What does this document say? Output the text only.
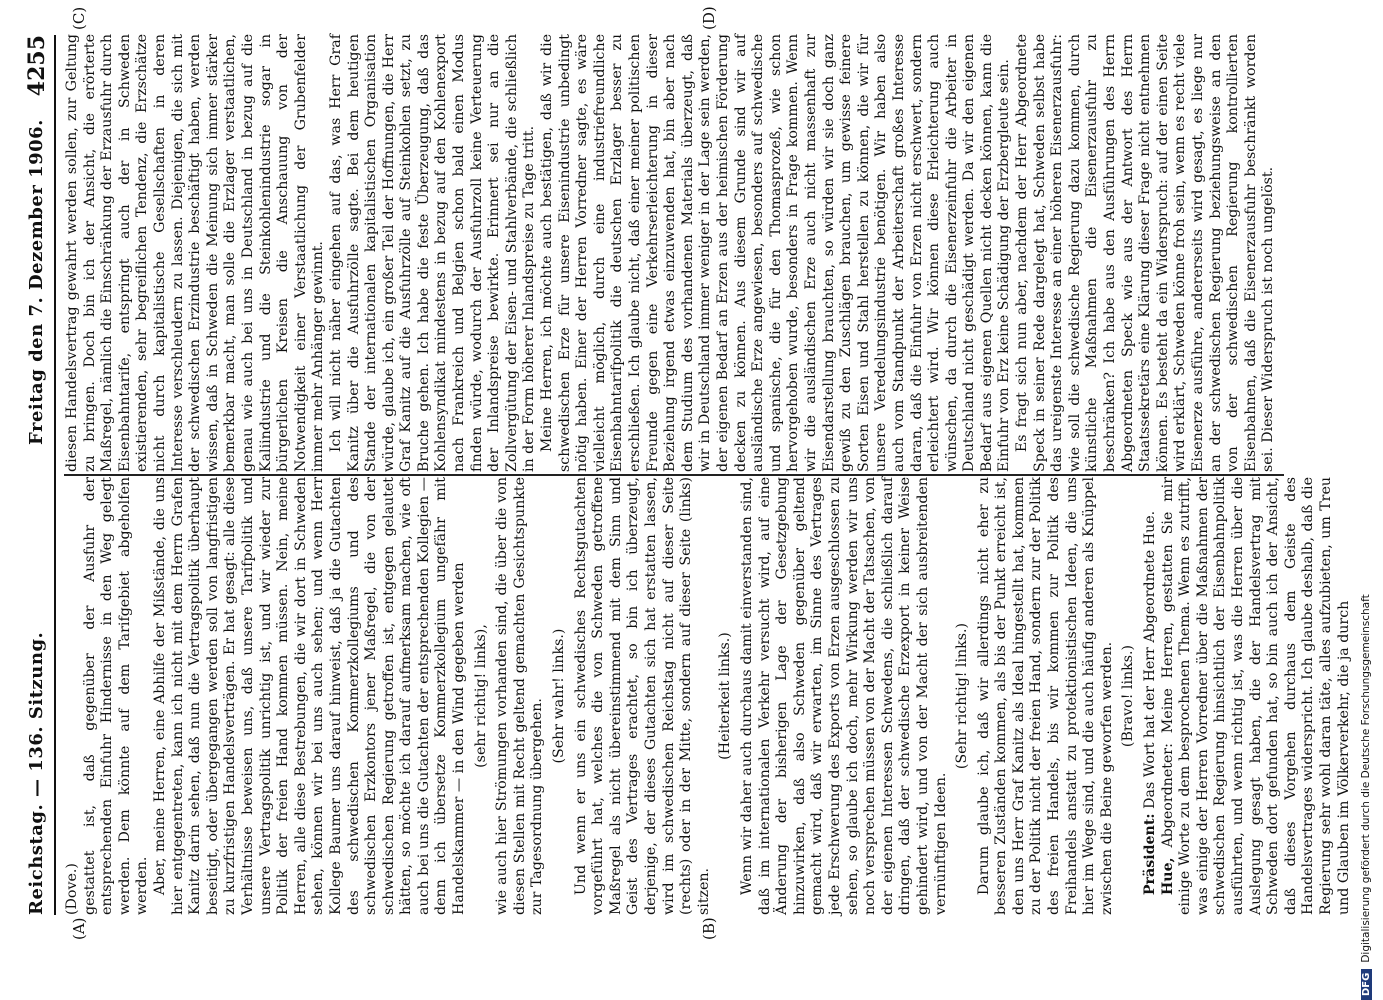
Reichstag. — 136. Sitzung.
Freitag den 7. Dezember 1906.
4255
(A)	(B)
(C)	(D)

(Dove.) gestattet ist, daß gegenüber der Ausfuhr der entsprechenden Einfuhr Hindernisse in den Weg gelegt werden. Dem könnte auf dem Tarifgebiet abgeholfen werden. Aber, meine Herren, eine Abhilfe der Mißstände, die uns hier entgegentreten, kann ich nicht mit dem Herrn Grafen Kanitz darin sehen, daß nun die Vertragspolitik überhaupt beseitigt, oder übergegangen werden soll von langfristigen zu kurzfristigen Handelsverträgen. Er hat gesagt: alle diese Verhältnisse beweisen uns, daß unsere Tarifpolitik und unsere Vertragspolitik unrichtig ist, und wir wieder zur Politik der freien Hand kommen müssen. Nein, meine Herren, alle diese Bestrebungen, die wir dort in Schweden sehen, können wir bei uns auch sehen; und wenn Herr Kollege Baumer uns darauf hinweist, daß ja die Gutachten des schwedischen Kommerzkollegiums und des schwedischen Erzkontors jener Maßregel, die von der schwedischen Regierung getroffen ist, entgegen gelautet hätten, so möchte ich darauf aufmerksam machen, wie oft auch bei uns die Gutachten der entsprechenden Kollegien — denn ich übersetze Kommerzkollegium ungefähr mit Handelskammer — in den Wind gegeben werden (sehr richtig! links), wie auch hier Strömungen vorhanden sind, die über die von diesen Stellen mit Recht geltend gemachten Gesichtspunkte zur Tagesordnung übergehen.

(Sehr wahr! links.) Und wenn er uns ein schwedisches Rechtsgutachten vorgeführt hat, welches die von Schweden getroffene Maßregel als nicht übereinstimmend mit dem Sinn und Geist des Vertrages erachtet, so bin ich überzeugt, derjenige, der dieses Gutachten sich hat erstatten lassen, wird im schwedischen Reichstag nicht auf dieser Seite (rechts) oder in der Mitte, sondern auf dieser Seite (links) sitzen.

(Heiterkeit links.) Wenn wir daher auch durchaus damit einverstanden sind, daß im internationalen Verkehr versucht wird, auf eine Änderung der bisherigen Lage der Gesetzgebung hinzuwirken, daß also Schweden gegenüber geltend gemacht wird, daß wir erwarten, im Sinne des Vertrages jede Erschwerung des Exports von Erzen ausgeschlossen zu sehen, so glaube ich doch, mehr Wirkung werden wir uns noch versprechen müssen von der Macht der Tatsachen, von der eigenen Interessen Schwedens, die schließlich darauf dringen, daß der schwedische Erzexport in keiner Weise gehindert wird, und von der Macht der sich ausbreitenden vernünftigen Ideen.

(Sehr richtig! links.) Darum glaube ich, daß wir allerdings nicht eher zu besseren Zuständen kommen, als bis der Punkt erreicht ist, den uns Herr Graf Kanitz als Ideal hingestellt hat, kommen zu der Politik nicht der freien Hand, sondern zur der Politik des freien Handels, bis wir kommen zur Politik des Freihandels anstatt zu protektionistischen Ideen, die uns hier im Wege sind, und die auch häufig anderen als Knüppel zwischen die Beine geworfen werden. (Bravo! links.)

Präsident: Das Wort hat der Herr Abgeordnete Hue.

Hue, Abgeordneter: Meine Herren, gestatten Sie mir einige Worte zu dem besprochenen Thema. Wenn es zutrifft, was einige der Herren Vorredner über die Maßnahmen der schwedischen Regierung hinsichtlich der Eisenbahnpolitik ausführten, und wenn richtig ist, was die Herren über die Auslegung gesagt haben, die der Handelsvertrag mit Schweden dort gefunden hat, so bin auch ich der Ansicht, daß dieses Vorgehen durchaus dem Geiste des Handelsvertrages widerspricht. Ich glaube deshalb, daß die Regierung sehr wohl daran täte, alles aufzubieten, um Treu und Glauben im Völkerverkehr, die ja durch

diesen Handelsvertrag gewahrt werden sollen, zur Geltung zu bringen. Doch bin ich der Ansicht, die erörterte Maßregel, nämlich die Einschränkung der Erzausfuhr durch Eisenbahntarife, entspringt auch der in Schweden existierenden, sehr begreiflichen Tendenz, die Erzschätze nicht durch kapitalistische Gesellschaften in deren Interesse verschleudern zu lassen. Diejenigen, die sich mit der schwedischen Erzindustrie beschäftigt haben, werden wissen, daß in Schweden die Meinung sich immer stärker bemerkbar macht, man solle die Erzlager verstaatlichen, genau wie auch bei uns in Deutschland in bezug auf die Kaliindustrie und die Steinkohlenindustrie sogar in bürgerlichen Kreisen die Anschauung von der Notwendigkeit einer Verstaatlichung der Grubenfelder immer mehr Anhänger gewinnt. Ich will nicht näher eingehen auf das, was Herr Graf Kanitz über die Ausfuhrzölle sagte. Bei dem heutigen Stande der internationalen kapitalistischen Organisation würde, glaube ich, ein großer Teil der Hoffnungen, die Herr Graf Kanitz auf die Ausfuhrzölle auf Steinkohlen setzt, zu Bruche gehen. Ich habe die feste Überzeugung, daß das Kohlensyndikat mindestens in bezug auf den Kohlenexport nach Frankreich und Belgien schon bald einen Modus finden würde, wodurch der Ausfuhrzoll keine Verteuerung der Inlandspreise bewirkte. Erinnert sei nur an die Zollvergütung der Eisen- und Stahlverbände, die schließlich in der Form höherer Inlandspreise zu Tage tritt. Meine Herren, ich möchte auch bestätigen, daß wir die schwedischen Erze für unsere Eisenindustrie unbedingt nötig haben. Einer der Herren Vorredner sagte, es wäre vielleicht möglich, durch eine industriefreundliche Eisenbahntarifpolitik die deutschen Erzlager besser zu erschließen. Ich glaube nicht, daß einer meiner politischen Freunde gegen eine Verkehrserleichterung in dieser Beziehung irgend etwas einzuwenden hat, bin aber nach dem Studium des vorhandenen Materials überzeugt, daß wir in Deutschland immer weniger in der Lage sein werden, der eigenen Bedarf an Erzen aus der heimischen Förderung decken zu können. Aus diesem Grunde sind wir auf ausländische Erze angewiesen, besonders auf schwedische und spanische, die für den Thomasprozeß, wie schon hervorgehoben wurde, besonders in Frage kommen. Wenn wir die ausländischen Erze auch nicht massenhaft zur Eisendarstellung brauchten, so würden wir sie doch ganz gewiß zu den Zuschlägen brauchen, um gewisse feinere Sorten Eisen und Stahl herstellen zu können, die wir für unsere Veredelungsindustrie benötigen. Wir haben also auch vom Standpunkt der Arbeiterschaft großes Interesse daran, daß die Einfuhr von Erzen nicht erschwert, sondern erleichtert wird. Wir können diese Erleichterung auch wünschen, da durch die Eisenerzeinfuhr die Arbeiter in Deutschland nicht geschädigt werden. Da wir den eigenen Bedarf aus eigenen Quellen nicht decken können, kann die Einfuhr von Erz keine Schädigung der Erzbergleute sein. Es fragt sich nun aber, nachdem der Herr Abgeordnete Speck in seiner Rede dargelegt hat, Schweden selbst habe das ureigenste Interesse an einer höheren Eisenerzausfuhr: wie soll die schwedische Regierung dazu kommen, durch künstliche Maßnahmen die Eisenerzausfuhr zu beschränken? Ich habe aus den Ausführungen des Herrn Abgeordneten Speck wie aus der Antwort des Herrn Staatssekretärs eine Klärung dieser Frage nicht entnehmen können. Es besteht da ein Widerspruch: auf der einen Seite wird erklärt, Schweden könne froh sein, wenn es recht viele Eisenerze ausführe, andererseits wird gesagt, es liege nur an der schwedischen Regierung beziehungsweise an den von der schwedischen Regierung kontrollierten Eisenbahnen, daß die Eisenerzausfuhr beschränkt worden sei. Dieser Widerspruch ist noch ungelöst.

DFGDigitalisierung gefördert durch die Deutsche Forschungsgemeinschaft
